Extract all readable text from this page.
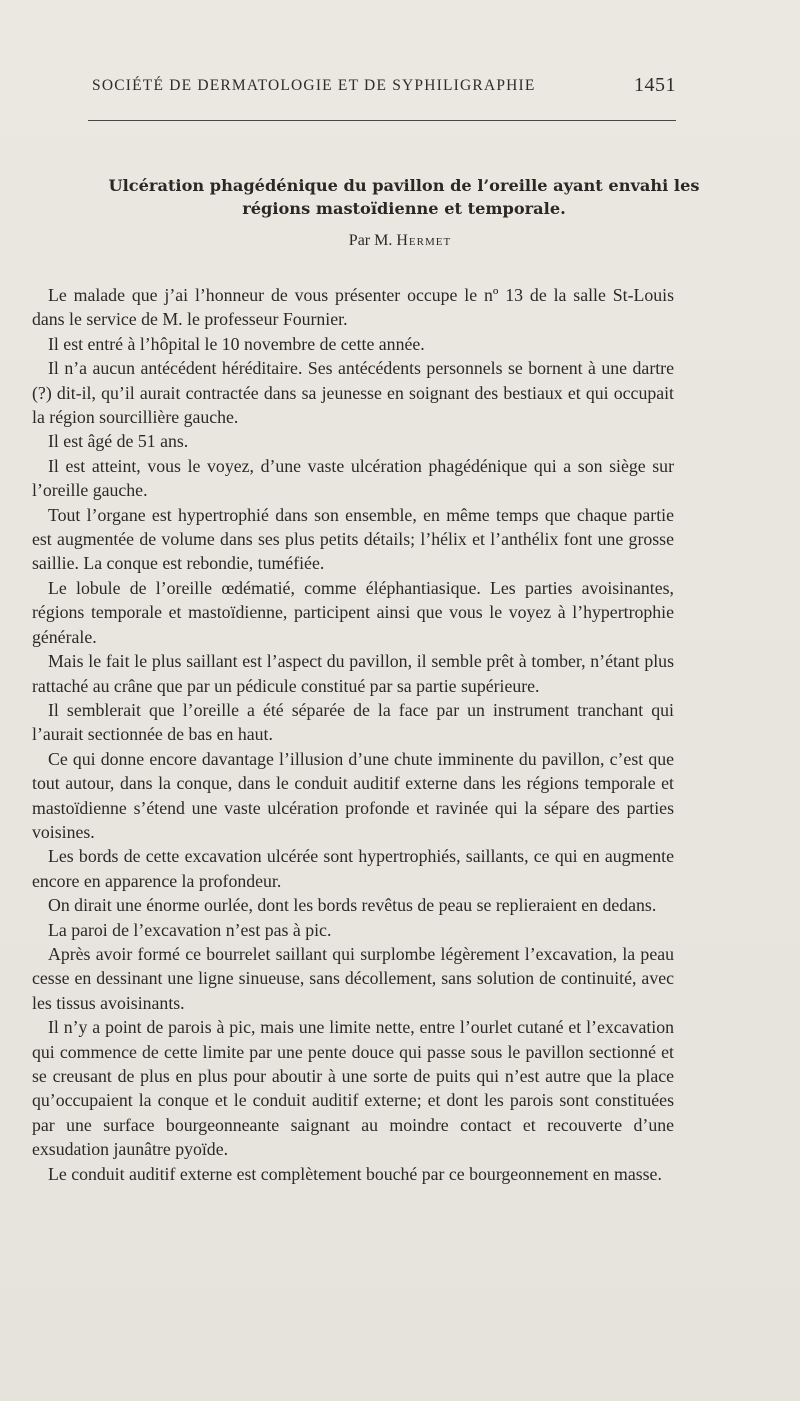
SOCIÉTÉ DE DERMATOLOGIE ET DE SYPHILIGRAPHIE	1451
Ulcération phagédénique du pavillon de l’oreille ayant envahi les
régions mastoïdienne et temporale.
Par M. Hermet

Le malade que j’ai l’honneur de vous présenter occupe le nº 13 de la salle St-Louis dans le service de M. le professeur Fournier.

Il est entré à l’hôpital le 10 novembre de cette année.

Il n’a aucun antécédent héréditaire. Ses antécédents personnels se bornent à une dartre (?) dit-il, qu’il aurait contractée dans sa jeunesse en soignant des bestiaux et qui occupait la région sourcillière gauche.

Il est âgé de 51 ans.

Il est atteint, vous le voyez, d’une vaste ulcération phagédénique qui a son siège sur l’oreille gauche.

Tout l’organe est hypertrophié dans son ensemble, en même temps que chaque partie est augmentée de volume dans ses plus petits détails; l’hélix et l’anthélix font une grosse saillie. La conque est rebondie, tuméfiée.

Le lobule de l’oreille œdématié, comme éléphantiasique. Les parties avoisinantes, régions temporale et mastoïdienne, participent ainsi que vous le voyez à l’hypertrophie générale.

Mais le fait le plus saillant est l’aspect du pavillon, il semble prêt à tomber, n’étant plus rattaché au crâne que par un pédicule constitué par sa partie supérieure.

Il semblerait que l’oreille a été séparée de la face par un instrument tranchant qui l’aurait sectionnée de bas en haut.

Ce qui donne encore davantage l’illusion d’une chute imminente du pavillon, c’est que tout autour, dans la conque, dans le conduit auditif externe dans les régions temporale et mastoïdienne s’étend une vaste ulcération profonde et ravinée qui la sépare des parties voisines.

Les bords de cette excavation ulcérée sont hypertrophiés, saillants, ce qui en augmente encore en apparence la profondeur.

On dirait une énorme ourlée, dont les bords revêtus de peau se replieraient en dedans.

La paroi de l’excavation n’est pas à pic.

Après avoir formé ce bourrelet saillant qui surplombe légèrement l’excavation, la peau cesse en dessinant une ligne sinueuse, sans décollement, sans solution de continuité, avec les tissus avoisinants.

Il n’y a point de parois à pic, mais une limite nette, entre l’ourlet cutané et l’excavation qui commence de cette limite par une pente douce qui passe sous le pavillon sectionné et se creusant de plus en plus pour aboutir à une sorte de puits qui n’est autre que la place qu’occupaient la conque et le conduit auditif externe; et dont les parois sont constituées par une surface bourgeonneante saignant au moindre contact et recouverte d’une exsudation jaunâtre pyoïde.

Le conduit auditif externe est complètement bouché par ce bourgeonnement en masse.
